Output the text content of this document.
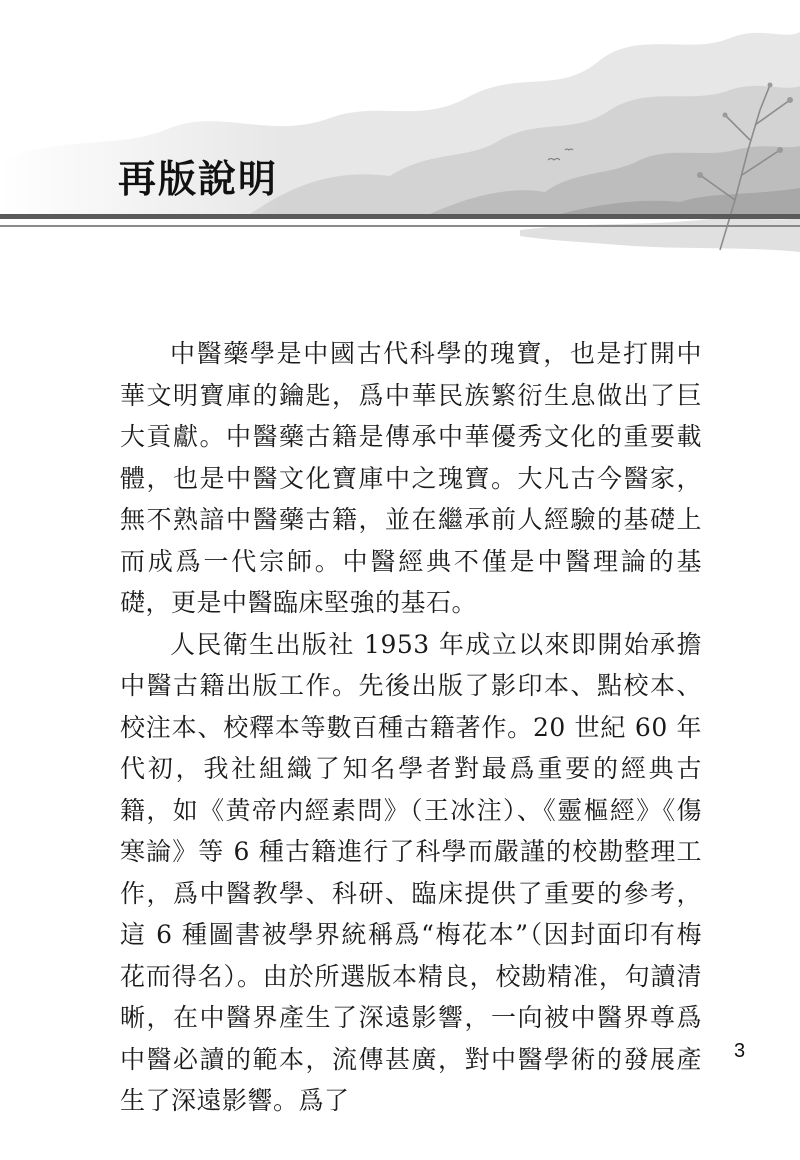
再版說明

中醫藥學是中國古代科學的瑰寶，也是打開中華文明寶庫的鑰匙，爲中華民族繁衍生息做出了巨大貢獻。中醫藥古籍是傳承中華優秀文化的重要載體，也是中醫文化寶庫中之瑰寶。大凡古今醫家，無不熟諳中醫藥古籍，並在繼承前人經驗的基礎上而成爲一代宗師。中醫經典不僅是中醫理論的基礎，更是中醫臨床堅強的基石。

人民衛生出版社 1953 年成立以來即開始承擔中醫古籍出版工作。先後出版了影印本、點校本、校注本、校釋本等數百種古籍著作。20 世紀 60 年代初，我社組織了知名學者對最爲重要的經典古籍，如《黄帝内經素問》（王冰注）、《靈樞經》《傷寒論》等 6 種古籍進行了科學而嚴謹的校勘整理工作，爲中醫教學、科研、臨床提供了重要的參考，這 6 種圖書被學界統稱爲“梅花本”（因封面印有梅花而得名）。由於所選版本精良，校勘精准，句讀清晰，在中醫界產生了深遠影響，一向被中醫界尊爲中醫必讀的範本，流傳甚廣，對中醫學術的發展產生了深遠影響。爲了

3
